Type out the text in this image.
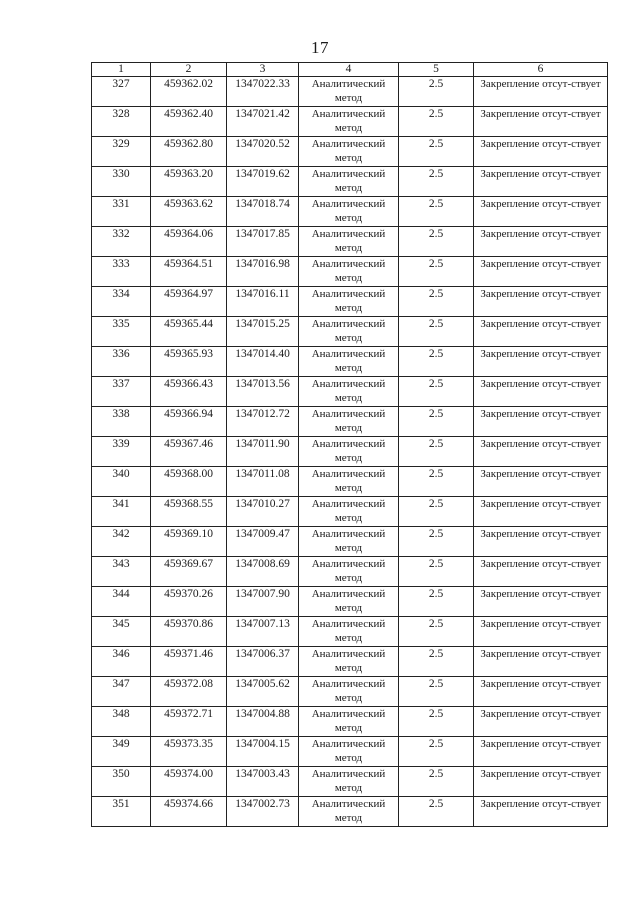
17
1	2	3	4	5	6
327	459362.02	1347022.33	Аналитический метод	2.5	Закрепление отсут-ствует
328	459362.40	1347021.42	Аналитический метод	2.5	Закрепление отсут-ствует
329	459362.80	1347020.52	Аналитический метод	2.5	Закрепление отсут-ствует
330	459363.20	1347019.62	Аналитический метод	2.5	Закрепление отсут-ствует
331	459363.62	1347018.74	Аналитический метод	2.5	Закрепление отсут-ствует
332	459364.06	1347017.85	Аналитический метод	2.5	Закрепление отсут-ствует
333	459364.51	1347016.98	Аналитический метод	2.5	Закрепление отсут-ствует
334	459364.97	1347016.11	Аналитический метод	2.5	Закрепление отсут-ствует
335	459365.44	1347015.25	Аналитический метод	2.5	Закрепление отсут-ствует
336	459365.93	1347014.40	Аналитический метод	2.5	Закрепление отсут-ствует
337	459366.43	1347013.56	Аналитический метод	2.5	Закрепление отсут-ствует
338	459366.94	1347012.72	Аналитический метод	2.5	Закрепление отсут-ствует
339	459367.46	1347011.90	Аналитический метод	2.5	Закрепление отсут-ствует
340	459368.00	1347011.08	Аналитический метод	2.5	Закрепление отсут-ствует
341	459368.55	1347010.27	Аналитический метод	2.5	Закрепление отсут-ствует
342	459369.10	1347009.47	Аналитический метод	2.5	Закрепление отсут-ствует
343	459369.67	1347008.69	Аналитический метод	2.5	Закрепление отсут-ствует
344	459370.26	1347007.90	Аналитический метод	2.5	Закрепление отсут-ствует
345	459370.86	1347007.13	Аналитический метод	2.5	Закрепление отсут-ствует
346	459371.46	1347006.37	Аналитический метод	2.5	Закрепление отсут-ствует
347	459372.08	1347005.62	Аналитический метод	2.5	Закрепление отсут-ствует
348	459372.71	1347004.88	Аналитический метод	2.5	Закрепление отсут-ствует
349	459373.35	1347004.15	Аналитический метод	2.5	Закрепление отсут-ствует
350	459374.00	1347003.43	Аналитический метод	2.5	Закрепление отсут-ствует
351	459374.66	1347002.73	Аналитический метод	2.5	Закрепление отсут-ствует
